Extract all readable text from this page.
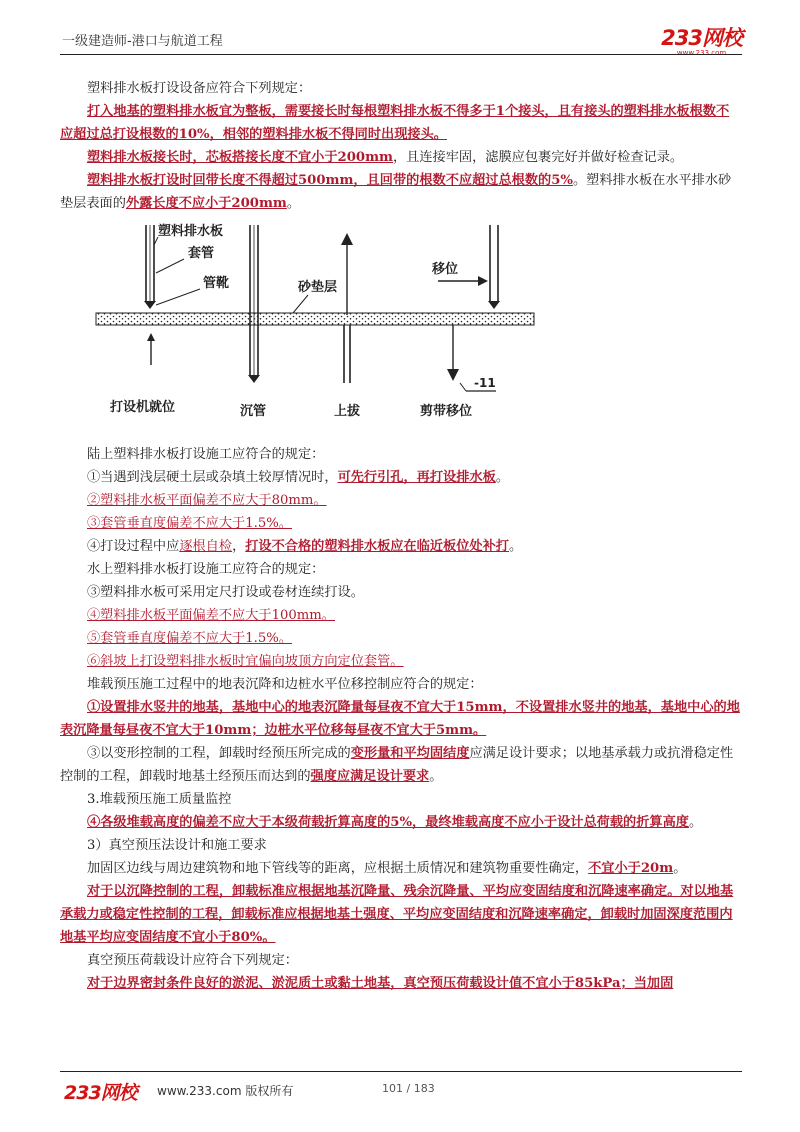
一级建造师-港口与航道工程	233网校
www.233.com

塑料排水板打设设备应符合下列规定：

打入地基的塑料排水板宜为整板，需要接长时每根塑料排水板不得多于1个接头，且有接头的塑料排水板根数不应超过总打设根数的10%，相邻的塑料排水板不得同时出现接头。

塑料排水板接长时，芯板搭接长度不宜小于200mm，且连接牢固，滤膜应包裹完好并做好检查记录。

塑料排水板打设时回带长度不得超过500mm，且回带的根数不应超过总根数的5%。塑料排水板在水平排水砂垫层表面的外露长度不应小于200mm。

塑料排水板
套管
管靴	砂垫层
移位
-11
打设机就位	沉管	上拔	剪带移位

陆上塑料排水板打设施工应符合的规定：

①当遇到浅层硬土层或杂填土较厚情况时，可先行引孔，再打设排水板。

②塑料排水板平面偏差不应大于80mm。

③套管垂直度偏差不应大于1.5%。

④打设过程中应逐根自检，打设不合格的塑料排水板应在临近板位处补打。

水上塑料排水板打设施工应符合的规定：

③塑料排水板可采用定尺打设或卷材连续打设。

④塑料排水板平面偏差不应大于100mm。

⑤套管垂直度偏差不应大于1.5%。

⑥斜坡上打设塑料排水板时宜偏向坡顶方向定位套管。

堆载预压施工过程中的地表沉降和边桩水平位移控制应符合的规定：

①设置排水竖井的地基，基地中心的地表沉降量每昼夜不宜大于15mm，不设置排水竖井的地基，基地中心的地表沉降量每昼夜不宜大于10mm；边桩水平位移每昼夜不宜大于5mm。

③以变形控制的工程，卸载时经预压所完成的变形量和平均固结度应满足设计要求；以地基承载力或抗滑稳定性控制的工程，卸载时地基土经预压而达到的强度应满足设计要求。

3.堆载预压施工质量监控

④各级堆载高度的偏差不应大于本级荷载折算高度的5%，最终堆载高度不应小于设计总荷载的折算高度。

3）真空预压法设计和施工要求

加固区边线与周边建筑物和地下管线等的距离，应根据土质情况和建筑物重要性确定，不宜小于20m。

对于以沉降控制的工程，卸载标准应根据地基沉降量、残余沉降量、平均应变固结度和沉降速率确定。对以地基承载力或稳定性控制的工程，卸载标准应根据地基土强度、平均应变固结度和沉降速率确定，卸载时加固深度范围内地基平均应变固结度不宜小于80%。

真空预压荷载设计应符合下列规定：

对于边界密封条件良好的淤泥、淤泥质土或黏土地基，真空预压荷载设计值不宜小于85kPa；当加固

233网校 www.233.com 版权所有	101 / 183
